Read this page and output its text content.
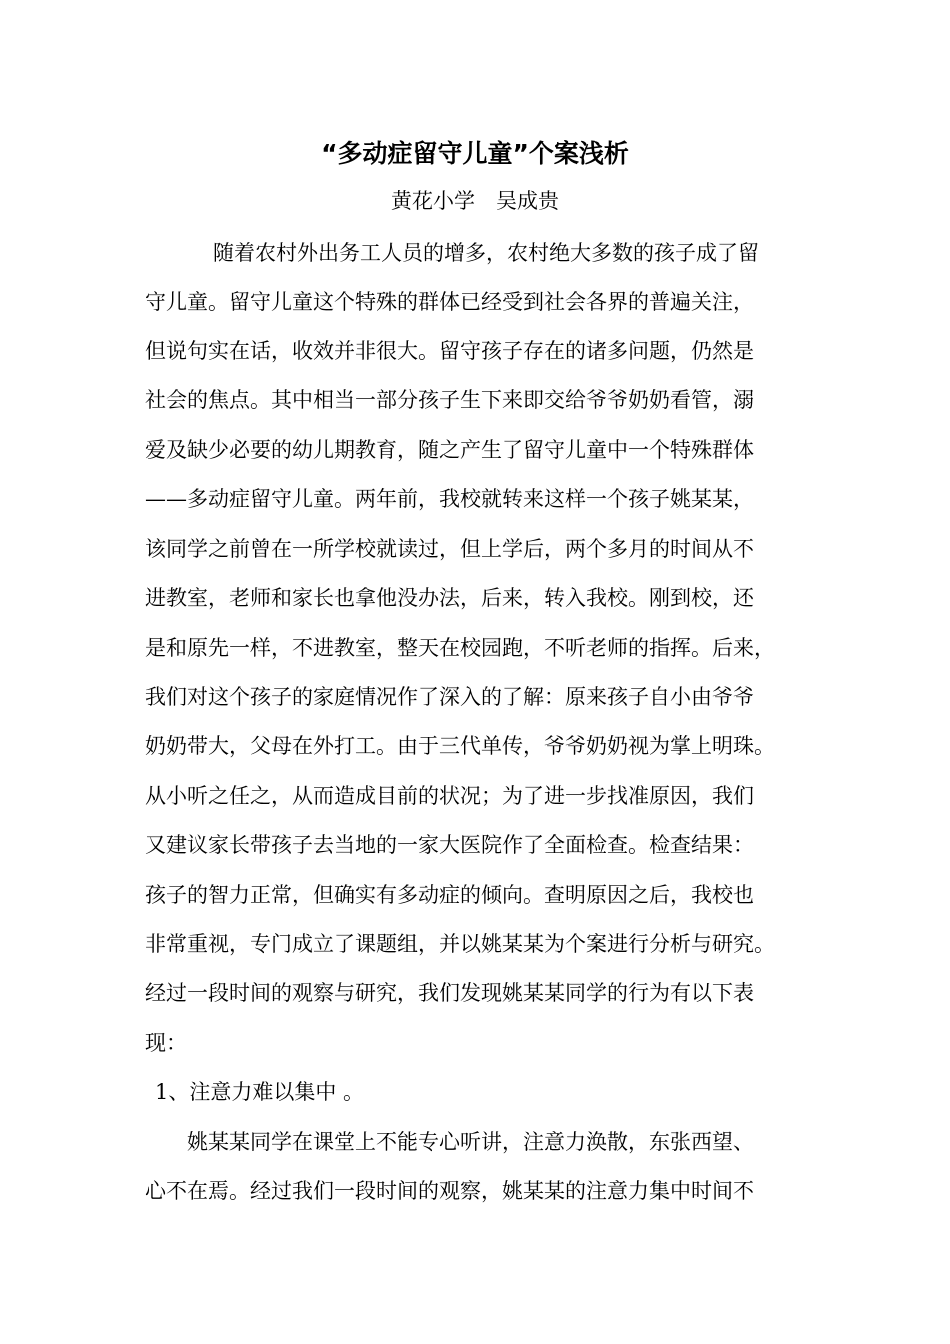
“多动症留守儿童”个案浅析
黄花小学　吴成贵
随着农村外出务工人员的增多，农村绝大多数的孩子成了留
守儿童。留守儿童这个特殊的群体已经受到社会各界的普遍关注，
但说句实在话，收效并非很大。留守孩子存在的诸多问题，仍然是
社会的焦点。其中相当一部分孩子生下来即交给爷爷奶奶看管，溺
爱及缺少必要的幼儿期教育，随之产生了留守儿童中一个特殊群体
——多动症留守儿童。两年前，我校就转来这样一个孩子姚某某，
该同学之前曾在一所学校就读过，但上学后，两个多月的时间从不
进教室，老师和家长也拿他没办法，后来，转入我校。刚到校，还
是和原先一样，不进教室，整天在校园跑，不听老师的指挥。后来，
我们对这个孩子的家庭情况作了深入的了解：原来孩子自小由爷爷
奶奶带大，父母在外打工。由于三代单传，爷爷奶奶视为掌上明珠。
从小听之任之，从而造成目前的状况；为了进一步找准原因，我们
又建议家长带孩子去当地的一家大医院作了全面检查。检查结果：
孩子的智力正常，但确实有多动症的倾向。查明原因之后，我校也
非常重视，专门成立了课题组，并以姚某某为个案进行分析与研究。
经过一段时间的观察与研究，我们发现姚某某同学的行为有以下表
现：
1、注意力难以集中 。
姚某某同学在课堂上不能专心听讲，注意力涣散，东张西望、
心不在焉。经过我们一段时间的观察，姚某某的注意力集中时间不
